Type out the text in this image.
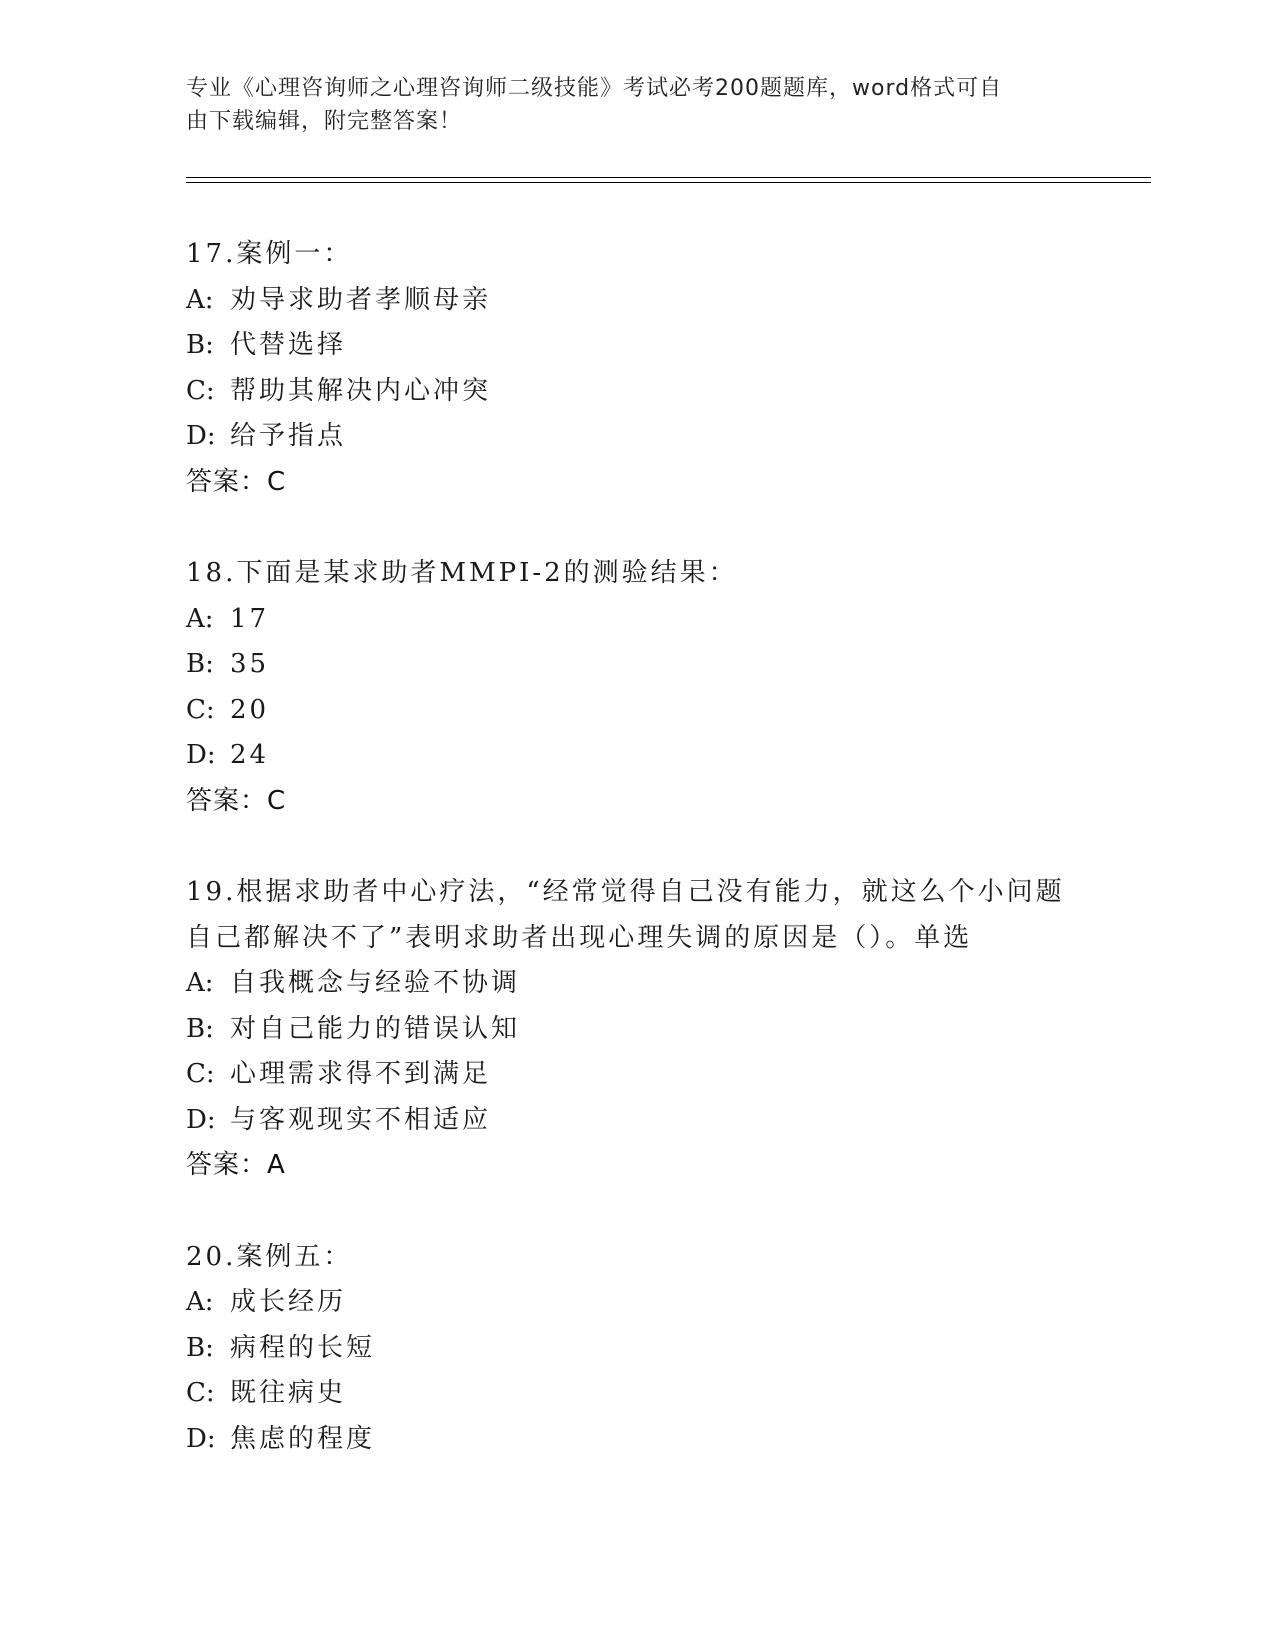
专业《心理咨询师之心理咨询师二级技能》考试必考200题题库，word格式可自
由下载编辑，附完整答案！
17.案例一：
A: 劝导求助者孝顺母亲
B: 代替选择
C: 帮助其解决内心冲突
D: 给予指点
答案：C
18.下面是某求助者MMPI-2的测验结果：
A: 17
B: 35
C: 20
D: 24
答案：C
19.根据求助者中心疗法，“经常觉得自己没有能力，就这么个小问题
自己都解决不了”表明求助者出现心理失调的原因是（）。单选
A: 自我概念与经验不协调
B: 对自己能力的错误认知
C: 心理需求得不到满足
D: 与客观现实不相适应
答案：A
20.案例五：
A: 成长经历
B: 病程的长短
C: 既往病史
D: 焦虑的程度
